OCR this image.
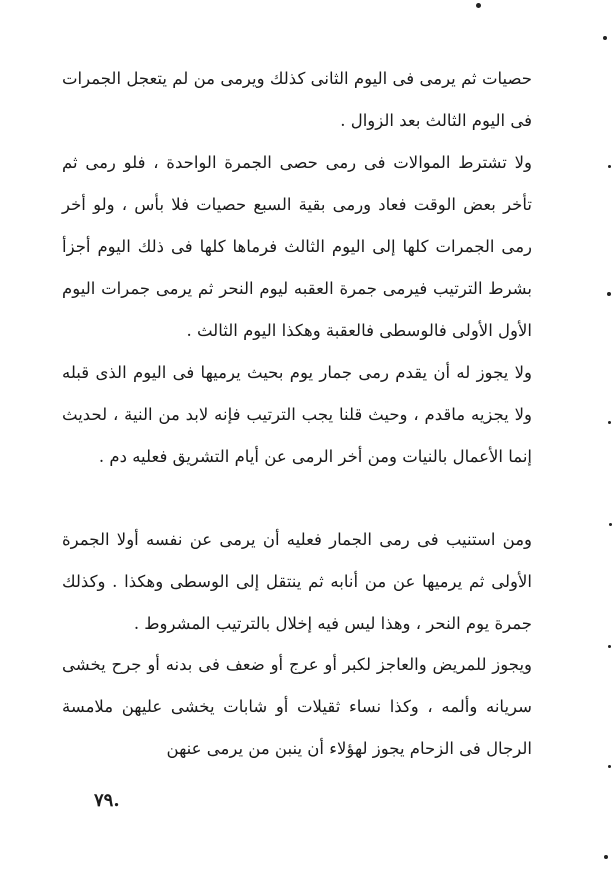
حصيات ثم يرمى فى اليوم الثانى كذلك ويرمى من لم يتعجل الجمرات فى اليوم الثالث بعد الزوال .

ولا تشترط الموالات فى رمى حصى الجمرة الواحدة ، فلو رمى ثم تأخر بعض الوقت فعاد ورمى بقية السبع حصيات فلا بأس ، ولو أخر رمى الجمرات كلها إلى اليوم الثالث فرماها كلها فى ذلك اليوم أجزأ بشرط الترتيب فيرمى جمرة العقبه ليوم النحر ثم يرمى جمرات اليوم الأول الأولى فالوسطى فالعقبة وهكذا اليوم الثالث .

ولا يجوز له أن يقدم رمى جمار يوم بحيث يرميها فى اليوم الذى قبله ولا يجزيه ماقدم ، وحيث قلنا يجب الترتيب فإنه لابد من النية ، لحديث إنما الأعمال بالنيات ومن أخر الرمى عن أيام التشريق فعليه دم .

ومن استنيب فى رمى الجمار فعليه أن يرمى عن نفسه أولا الجمرة الأولى ثم يرميها عن من أنابه ثم ينتقل إلى الوسطى وهكذا . وكذلك جمرة يوم النحر ، وهذا ليس فيه إخلال بالترتيب المشروط .

ويجوز للمريض والعاجز لكبر أو عرج أو ضعف فى بدنه أو جرح يخشى سريانه وألمه ، وكذا نساء ثقيلات أو شابات يخشى عليهن ملامسة الرجال فى الزحام يجوز لهؤلاء أن ينبن من يرمى عنهن

٧٩.
